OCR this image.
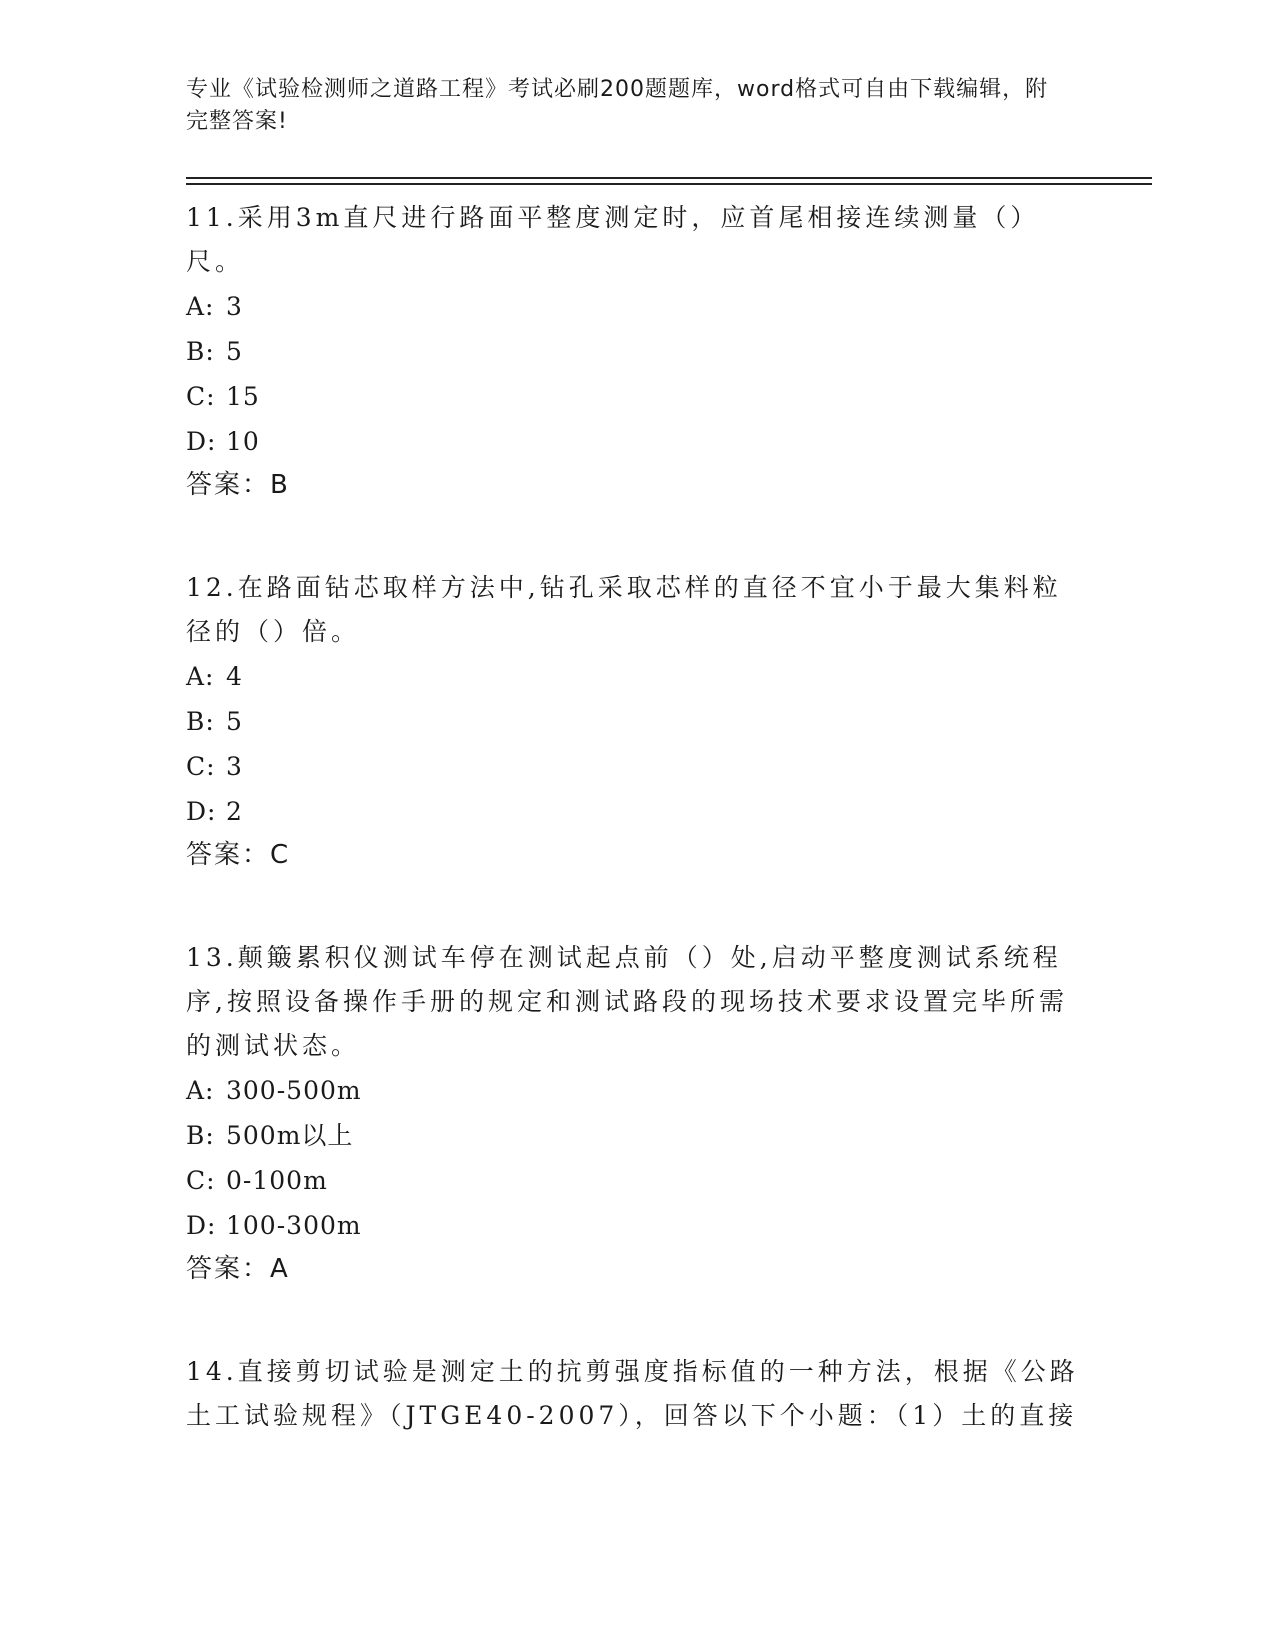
专业《试验检测师之道路工程》考试必刷200题题库，word格式可自由下载编辑，附完整答案!

11.采用3m直尺进行路面平整度测定时，应首尾相接连续测量（）尺。

A: 3

B: 5

C: 15

D: 10

答案：B

12.在路面钻芯取样方法中,钻孔采取芯样的直径不宜小于最大集料粒径的（）倍。

A: 4

B: 5

C: 3

D: 2

答案：C

13.颠簸累积仪测试车停在测试起点前（）处,启动平整度测试系统程序,按照设备操作手册的规定和测试路段的现场技术要求设置完毕所需的测试状态。

A: 300-500m

B: 500m以上

C: 0-100m

D: 100-300m

答案：A

14.直接剪切试验是测定土的抗剪强度指标值的一种方法，根据《公路土工试验规程》（JTGE40-2007），回答以下个小题：（1）土的直接
